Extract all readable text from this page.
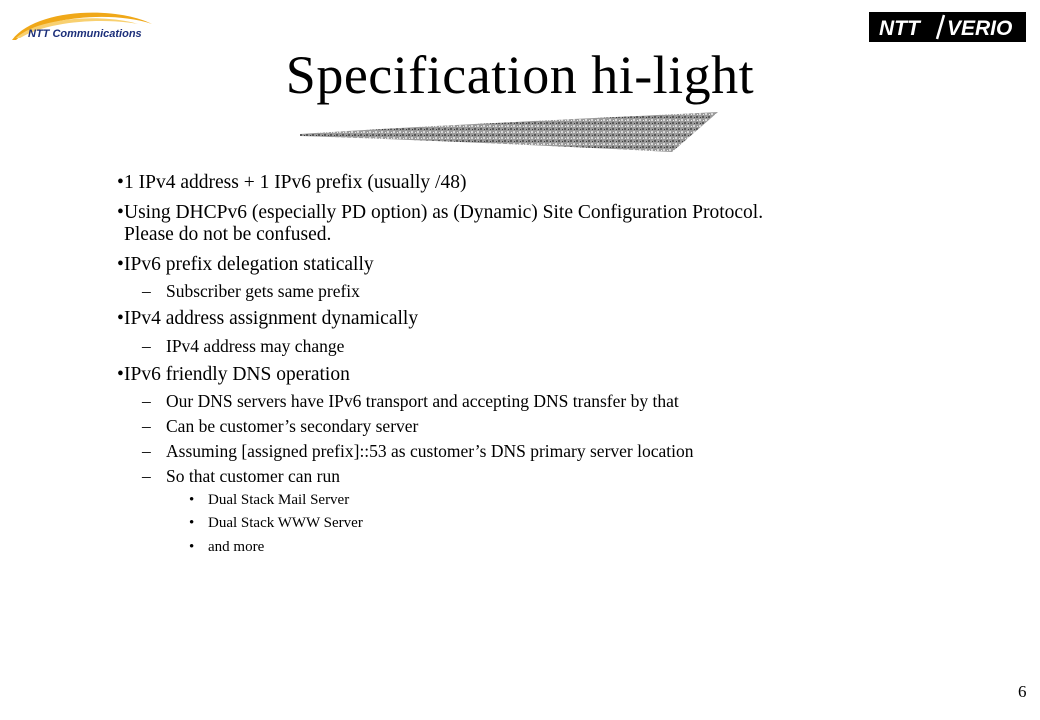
NTT Communications	NTT VERIO
Specification hi-light
• 1 IPv4 address + 1 IPv6 prefix (usually /48)
• Using DHCPv6 (especially PD option) as (Dynamic) Site Configuration Protocol.
Please do not be confused.
• IPv6 prefix delegation statically
– Subscriber gets same prefix
• IPv4 address assignment dynamically
– IPv4 address may change
• IPv6 friendly DNS operation
– Our DNS servers have IPv6 transport and accepting DNS transfer by that
– Can be customer’s secondary server
– Assuming [assigned prefix]::53 as customer’s DNS primary server location
– So that customer can run
• Dual Stack Mail Server
• Dual Stack WWW Server
• and more
6
